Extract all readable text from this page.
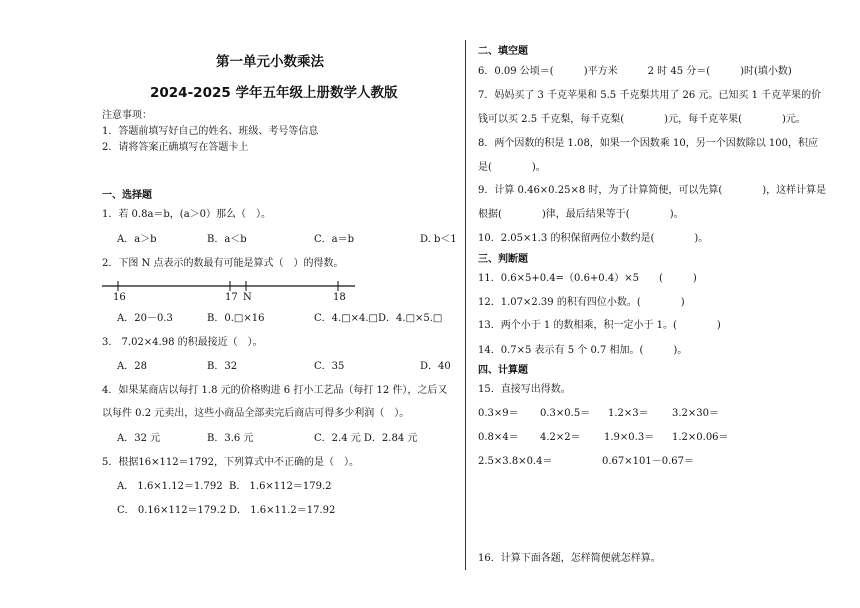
第一单元小数乘法
2024-2025 学年五年级上册数学人教版
注意事项：
1．答题前填写好自己的姓名、班级、考号等信息
2．请将答案正确填写在答题卡上
一、选择题
1．若 0.8a＝b，(a＞0）那么（　）。
A．a＞b	B．a＜b	C．a＝b	D. b＜1
2．下图 N 点表示的数最有可能是算式（　）的得数。
16	17 N	18
A．20－0.3	B．0.□×16	C．4.□×4.□D．4.□×5.□
3． 7.02×4.98 的积最接近（　）。
A．28	B．32	C．35	D．40
4．如果某商店以每打 1.8 元的价格购进 6 打小工艺品（每打 12 件），之后又
以每件 0.2 元卖出，这些小商品全部卖完后商店可得多少利润（　）。
A．32 元	B．3.6 元	C．2.4 元 D．2.84 元
5．根据16×112＝1792，下列算式中不正确的是（　）。
A． 1.6×1.12＝1.792 B． 1.6×112＝179.2
C． 0.16×112＝179.2 D． 1.6×11.2＝17.92
二、填空题
6．0.09 公顷＝(　　　)平方米　　　2 时 45 分＝(　　　)时(填小数)
7．妈妈买了 3 千克苹果和 5.5 千克梨共用了 26 元。已知买 1 千克苹果的价
钱可以买 2.5 千克梨，每千克梨(　　　　)元，每千克苹果(　　　　)元。
8．两个因数的积是 1.08，如果一个因数乘 10，另一个因数除以 100，积应
是(　　　　)。
9．计算 0.46×0.25×8 时，为了计算简便，可以先算(　　　　)，这样计算是
根据(　　　　)律，最后结果等于(　　　　)。
10．2.05×1.3 的积保留两位小数约是(　　　　)。
三、判断题
11．0.6×5+0.4=（0.6+0.4）×5　　(　　　)
12．1.07×2.39 的积有四位小数。(　　　　)
13．两个小于 1 的数相乘，积一定小于 1。(　　　　)
14．0.7×5 表示有 5 个 0.7 相加。(　　　)。
四、计算题
15．直接写出得数。
0.3×9＝ 0.3×0.5＝ 1.2×3＝ 3.2×30＝
0.8×4＝ 4.2×2＝ 1.9×0.3＝ 1.2×0.06＝
2.5×3.8×0.4＝	0.67×101－0.67＝
16．计算下面各题，怎样简便就怎样算。
